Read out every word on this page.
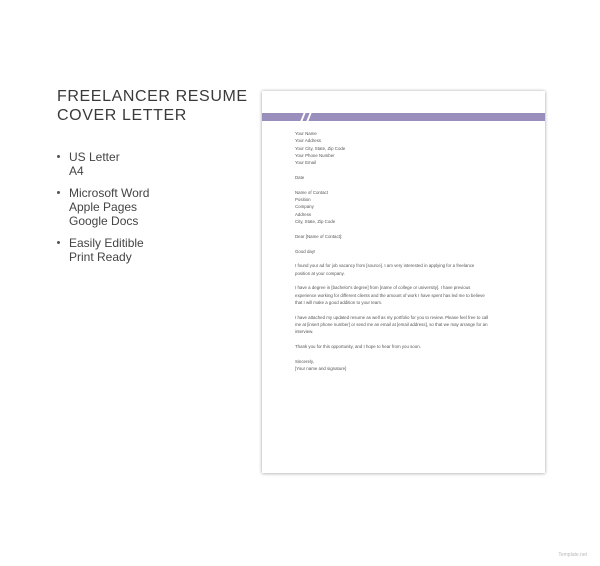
FREELANCER RESUME
COVER LETTER
US Letter
A4
Microsoft Word
Apple Pages
Google Docs
Easily Editible
Print Ready

Your Name
Your Address
Your City, State, Zip Code
Your Phone Number
Your Email

Date

Name of Contact
Position
Company
Address
City, State, Zip Code

Dear [Name of Contact]:

Good day!

I found your ad for job vacancy from [source]. I am very interested in applying for a freelance
position at your company.

I have a degree in [bachelor's degree] from [name of college or university]. I have previous
experience working for different clients and the amount of work I have spent has led me to believe
that I will make a good addition to your team.

I have attached my updated resume as well as my portfolio for you to review. Please feel free to call
me at [insert phone number] or send me an email at [email address], so that we may arrange for an
interview.

Thank you for this opportunity, and I hope to hear from you soon.

Sincerely,
[Your name and signature]

Template.net
